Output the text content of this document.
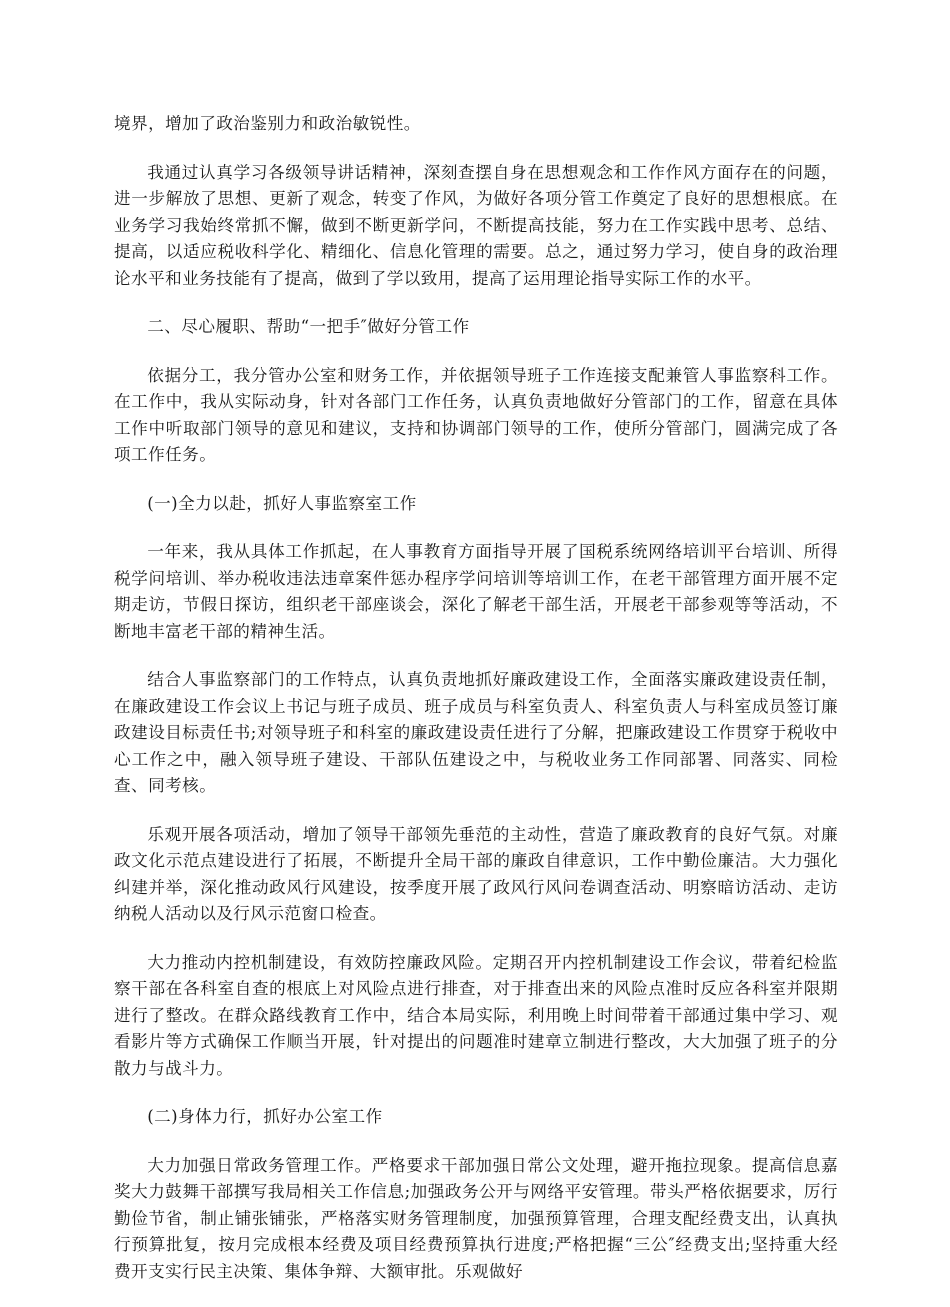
境界，增加了政治鉴别力和政治敏锐性。

我通过认真学习各级领导讲话精神，深刻查摆自身在思想观念和工作作风方面存在的问题，进一步解放了思想、更新了观念，转变了作风，为做好各项分管工作奠定了良好的思想根底。在业务学习我始终常抓不懈，做到不断更新学问，不断提高技能，努力在工作实践中思考、总结、提高，以适应税收科学化、精细化、信息化管理的需要。总之，通过努力学习，使自身的政治理论水平和业务技能有了提高，做到了学以致用，提高了运用理论指导实际工作的水平。

二、尽心履职、帮助“一把手″做好分管工作

依据分工，我分管办公室和财务工作，并依据领导班子工作连接支配兼管人事监察科工作。在工作中，我从实际动身，针对各部门工作任务，认真负责地做好分管部门的工作，留意在具体工作中听取部门领导的意见和建议，支持和协调部门领导的工作，使所分管部门，圆满完成了各项工作任务。

(一)全力以赴，抓好人事监察室工作

一年来，我从具体工作抓起，在人事教育方面指导开展了国税系统网络培训平台培训、所得税学问培训、举办税收违法违章案件惩办程序学问培训等培训工作，在老干部管理方面开展不定期走访，节假日探访，组织老干部座谈会，深化了解老干部生活，开展老干部参观等等活动，不断地丰富老干部的精神生活。

结合人事监察部门的工作特点，认真负责地抓好廉政建设工作，全面落实廉政建设责任制，在廉政建设工作会议上书记与班子成员、班子成员与科室负责人、科室负责人与科室成员签订廉政建设目标责任书;对领导班子和科室的廉政建设责任进行了分解，把廉政建设工作贯穿于税收中心工作之中，融入领导班子建设、干部队伍建设之中，与税收业务工作同部署、同落实、同检查、同考核。

乐观开展各项活动，增加了领导干部领先垂范的主动性，营造了廉政教育的良好气氛。对廉政文化示范点建设进行了拓展，不断提升全局干部的廉政自律意识，工作中勤俭廉洁。大力强化纠建并举，深化推动政风行风建设，按季度开展了政风行风问卷调查活动、明察暗访活动、走访纳税人活动以及行风示范窗口检查。

大力推动内控机制建设，有效防控廉政风险。定期召开内控机制建设工作会议，带着纪检监察干部在各科室自查的根底上对风险点进行排查，对于排查出来的风险点准时反应各科室并限期进行了整改。在群众路线教育工作中，结合本局实际，利用晚上时间带着干部通过集中学习、观看影片等方式确保工作顺当开展，针对提出的问题准时建章立制进行整改，大大加强了班子的分散力与战斗力。

(二)身体力行，抓好办公室工作

大力加强日常政务管理工作。严格要求干部加强日常公文处理，避开拖拉现象。提高信息嘉奖大力鼓舞干部撰写我局相关工作信息;加强政务公开与网络平安管理。带头严格依据要求，厉行勤俭节省，制止铺张铺张，严格落实财务管理制度，加强预算管理，合理支配经费支出，认真执行预算批复，按月完成根本经费及项目经费预算执行进度;严格把握“三公″经费支出;坚持重大经费开支实行民主决策、集体争辩、大额审批。乐观做好
